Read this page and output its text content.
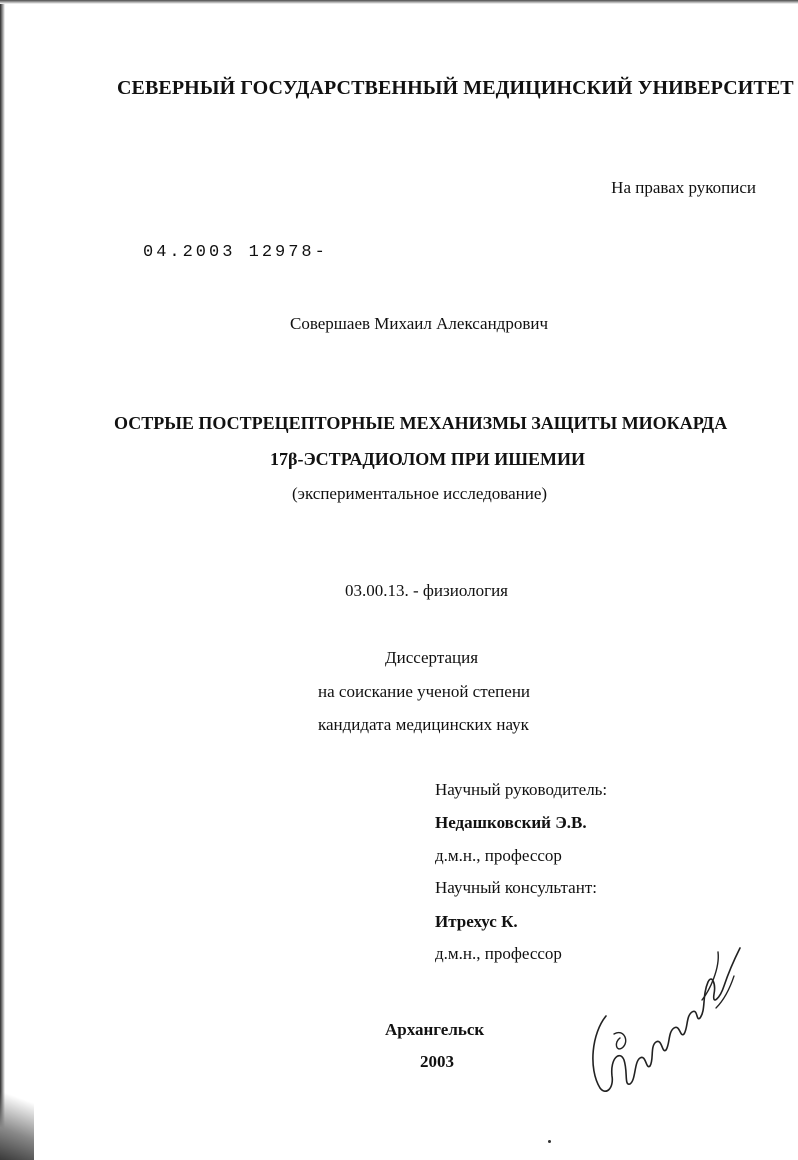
СЕВЕРНЫЙ ГОСУДАРСТВЕННЫЙ МЕДИЦИНСКИЙ УНИВЕРСИТЕТ
На правах рукописи
04.2003 12978-
Совершаев Михаил Александрович
ОСТРЫЕ ПОСТРЕЦЕПТОРНЫЕ МЕХАНИЗМЫ ЗАЩИТЫ МИОКАРДА
17β-ЭСТРАДИОЛОМ ПРИ ИШЕМИИ
(экспериментальное исследование)
03.00.13. - физиология
Диссертация
на соискание ученой степени
кандидата медицинских наук
Научный руководитель:
Недашковский Э.В.
д.м.н., профессор
Научный консультант:
Итрехус К.
д.м.н., профессор
Архангельск
2003
